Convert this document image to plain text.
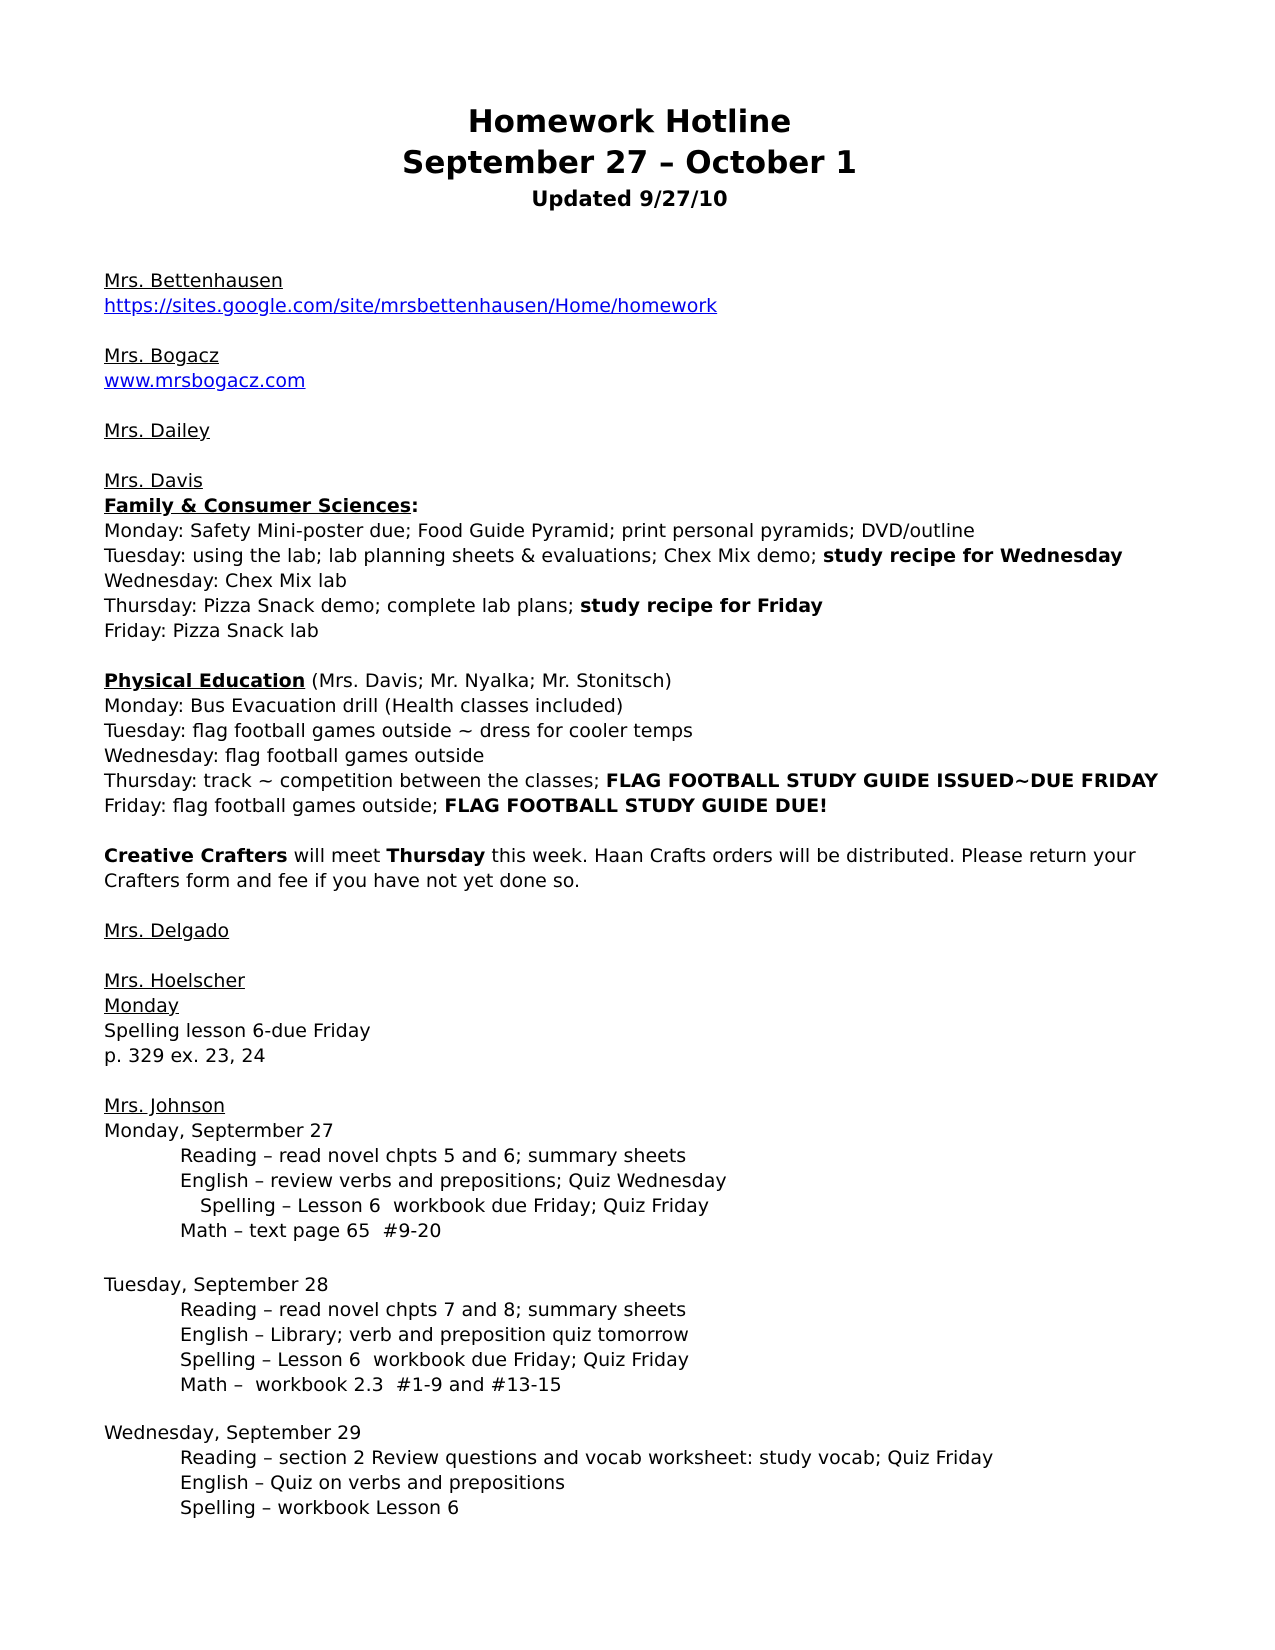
Homework Hotline

September 27 – October 1

Updated 9/27/10

Mrs. Bettenhausen

https://sites.google.com/site/mrsbettenhausen/Home/homework

Mrs. Bogacz

www.mrsbogacz.com

Mrs. Dailey

Mrs. Davis

Family & Consumer Sciences:

Monday: Safety Mini-poster due; Food Guide Pyramid; print personal pyramids; DVD/outline

Tuesday: using the lab; lab planning sheets & evaluations; Chex Mix demo; study recipe for Wednesday

Wednesday: Chex Mix lab

Thursday: Pizza Snack demo; complete lab plans; study recipe for Friday

Friday: Pizza Snack lab

Physical Education (Mrs. Davis; Mr. Nyalka; Mr. Stonitsch)

Monday: Bus Evacuation drill (Health classes included)

Tuesday: flag football games outside ~ dress for cooler temps

Wednesday: flag football games outside

Thursday: track ~ competition between the classes; FLAG FOOTBALL STUDY GUIDE ISSUED~DUE FRIDAY

Friday: flag football games outside; FLAG FOOTBALL STUDY GUIDE DUE!

Creative Crafters will meet Thursday this week. Haan Crafts orders will be distributed. Please return your

Crafters form and fee if you have not yet done so.

Mrs. Delgado

Mrs. Hoelscher

Monday

Spelling lesson 6-due Friday

p. 329 ex. 23, 24

Mrs. Johnson

Monday, Septermber 27

Reading – read novel chpts 5 and 6; summary sheets

English – review verbs and prepositions; Quiz Wednesday

Spelling – Lesson 6  workbook due Friday; Quiz Friday

Math – text page 65  #9-20

Tuesday, September 28

Reading – read novel chpts 7 and 8; summary sheets

English – Library; verb and preposition quiz tomorrow

Spelling – Lesson 6  workbook due Friday; Quiz Friday

Math –  workbook 2.3  #1-9 and #13-15

Wednesday, September 29

Reading – section 2 Review questions and vocab worksheet: study vocab; Quiz Friday

English – Quiz on verbs and prepositions

Spelling – workbook Lesson 6
